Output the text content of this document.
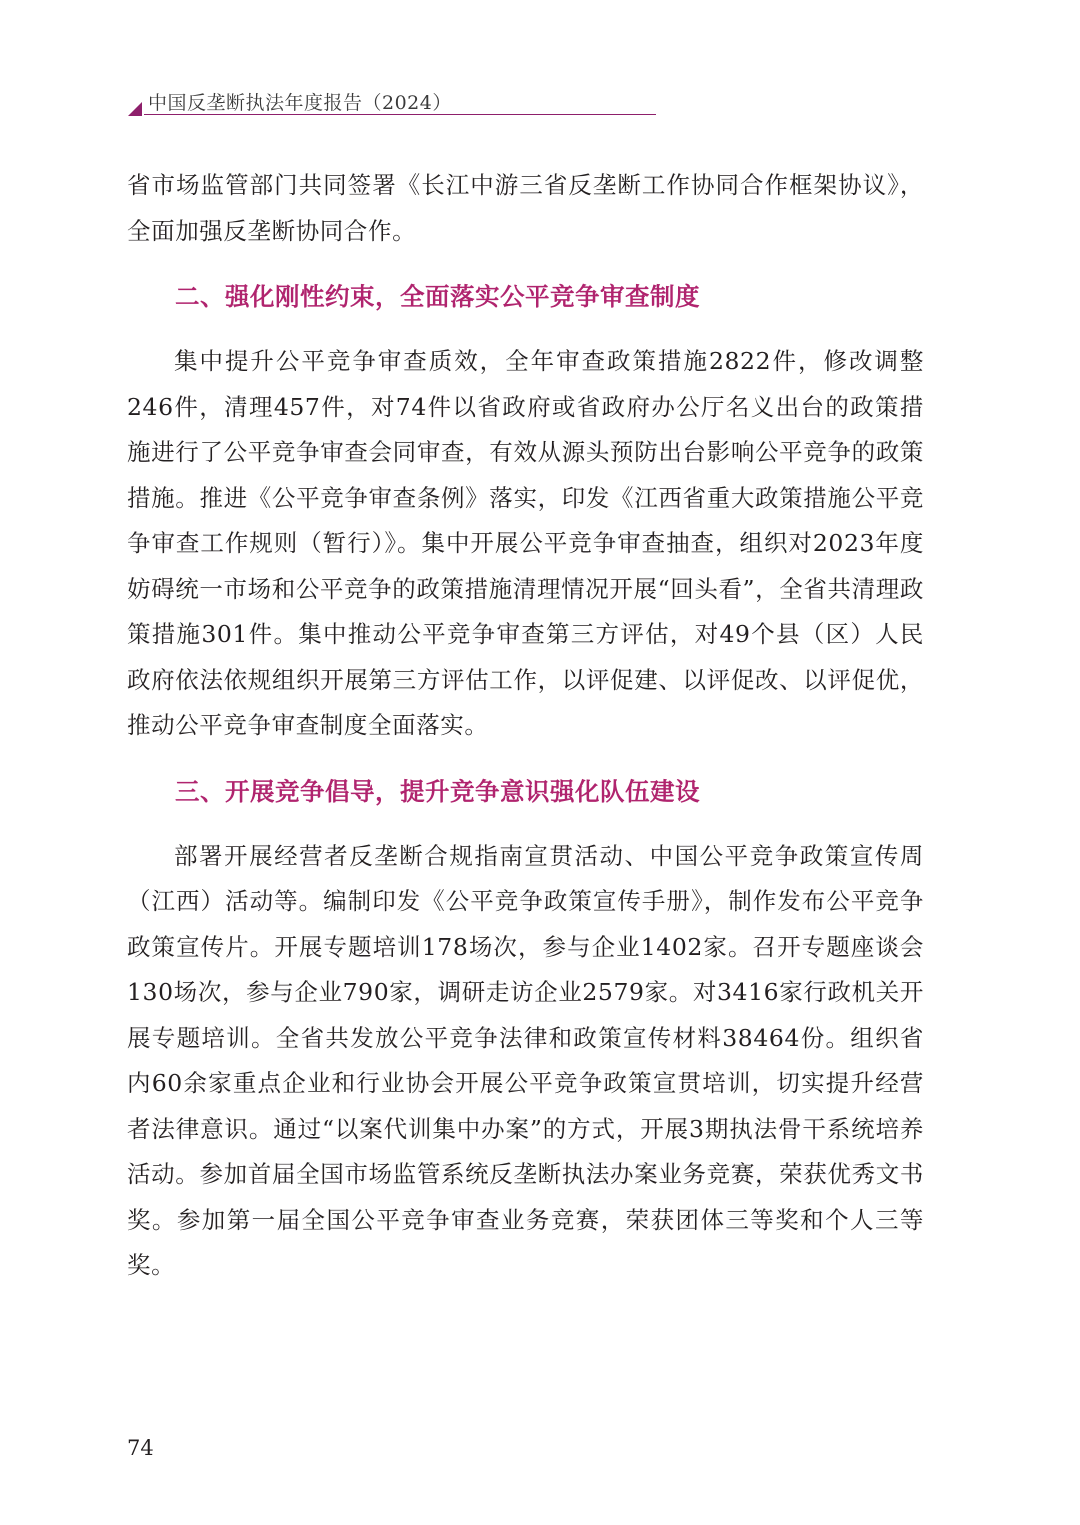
中国反垄断执法年度报告（2024）

省市场监管部门共同签署《长江中游三省反垄断工作协同合作框架协议》，全面加强反垄断协同合作。

二、强化刚性约束，全面落实公平竞争审查制度

集中提升公平竞争审查质效，全年审查政策措施2822件，修改调整246件，清理457件，对74件以省政府或省政府办公厅名义出台的政策措施进行了公平竞争审查会同审查，有效从源头预防出台影响公平竞争的政策措施。推进《公平竞争审查条例》落实，印发《江西省重大政策措施公平竞争审查工作规则（暂行）》。集中开展公平竞争审查抽查，组织对2023年度妨碍统一市场和公平竞争的政策措施清理情况开展“回头看”，全省共清理政策措施301件。集中推动公平竞争审查第三方评估，对49个县（区）人民政府依法依规组织开展第三方评估工作，以评促建、以评促改、以评促优，推动公平竞争审查制度全面落实。

三、开展竞争倡导，提升竞争意识强化队伍建设

部署开展经营者反垄断合规指南宣贯活动、中国公平竞争政策宣传周（江西）活动等。编制印发《公平竞争政策宣传手册》，制作发布公平竞争政策宣传片。开展专题培训178场次，参与企业1402家。召开专题座谈会130场次，参与企业790家，调研走访企业2579家。对3416家行政机关开展专题培训。全省共发放公平竞争法律和政策宣传材料38464份。组织省内60余家重点企业和行业协会开展公平竞争政策宣贯培训，切实提升经营者法律意识。通过“以案代训集中办案”的方式，开展3期执法骨干系统培养活动。参加首届全国市场监管系统反垄断执法办案业务竞赛，荣获优秀文书奖。参加第一届全国公平竞争审查业务竞赛，荣获团体三等奖和个人三等奖。

74
